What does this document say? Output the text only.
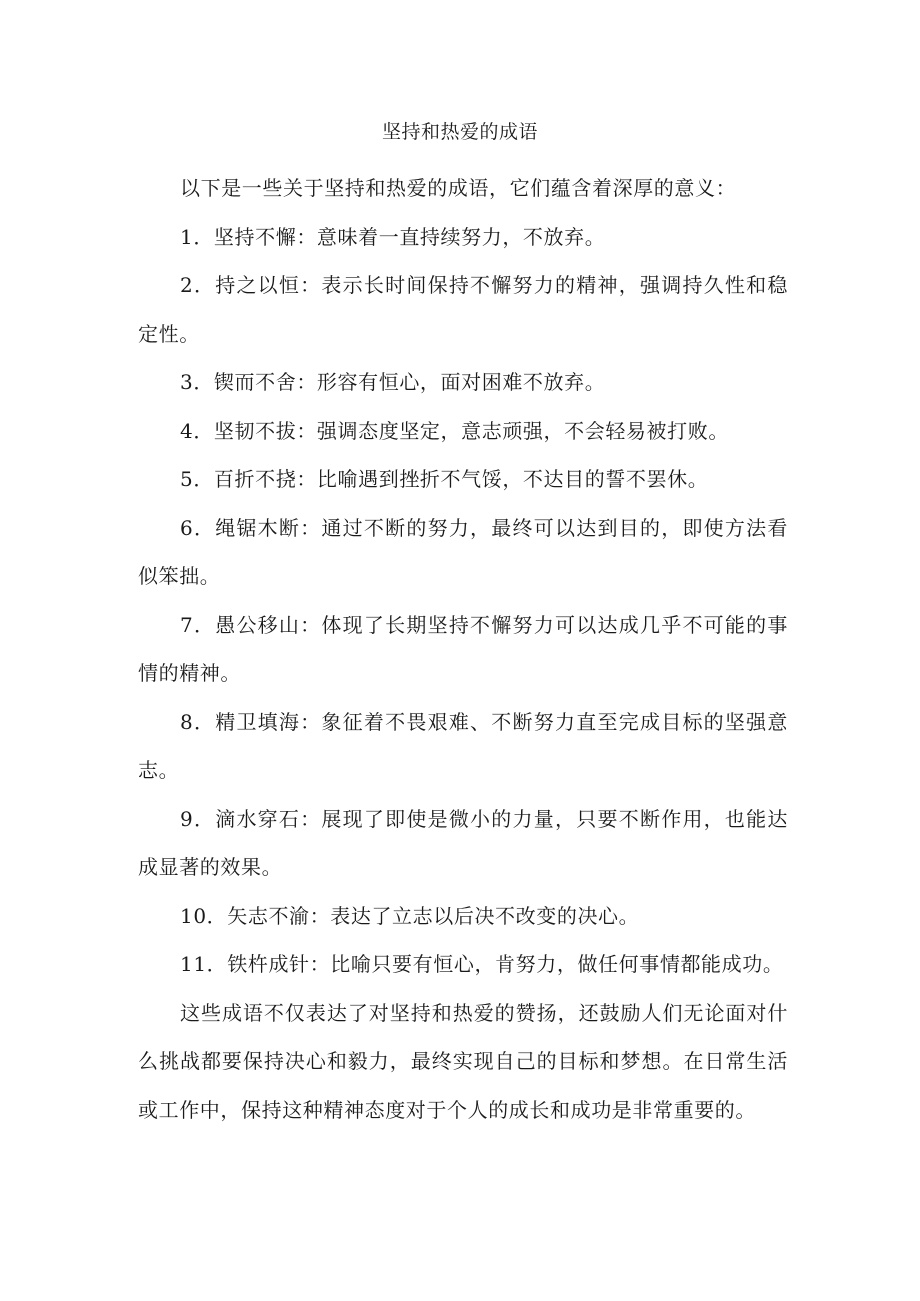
坚持和热爱的成语

以下是一些关于坚持和热爱的成语，它们蕴含着深厚的意义：

1．坚持不懈：意味着一直持续努力，不放弃。

2．持之以恒：表示长时间保持不懈努力的精神，强调持久性和稳定性。

3．锲而不舍：形容有恒心，面对困难不放弃。

4．坚韧不拔：强调态度坚定，意志顽强，不会轻易被打败。

5．百折不挠：比喻遇到挫折不气馁，不达目的誓不罢休。

6．绳锯木断：通过不断的努力，最终可以达到目的，即使方法看似笨拙。

7．愚公移山：体现了长期坚持不懈努力可以达成几乎不可能的事情的精神。

8．精卫填海：象征着不畏艰难、不断努力直至完成目标的坚强意志。

9．滴水穿石：展现了即使是微小的力量，只要不断作用，也能达成显著的效果。

10．矢志不渝：表达了立志以后决不改变的决心。

11．铁杵成针：比喻只要有恒心，肯努力，做任何事情都能成功。

这些成语不仅表达了对坚持和热爱的赞扬，还鼓励人们无论面对什么挑战都要保持决心和毅力，最终实现自己的目标和梦想。在日常生活或工作中，保持这种精神态度对于个人的成长和成功是非常重要的。
